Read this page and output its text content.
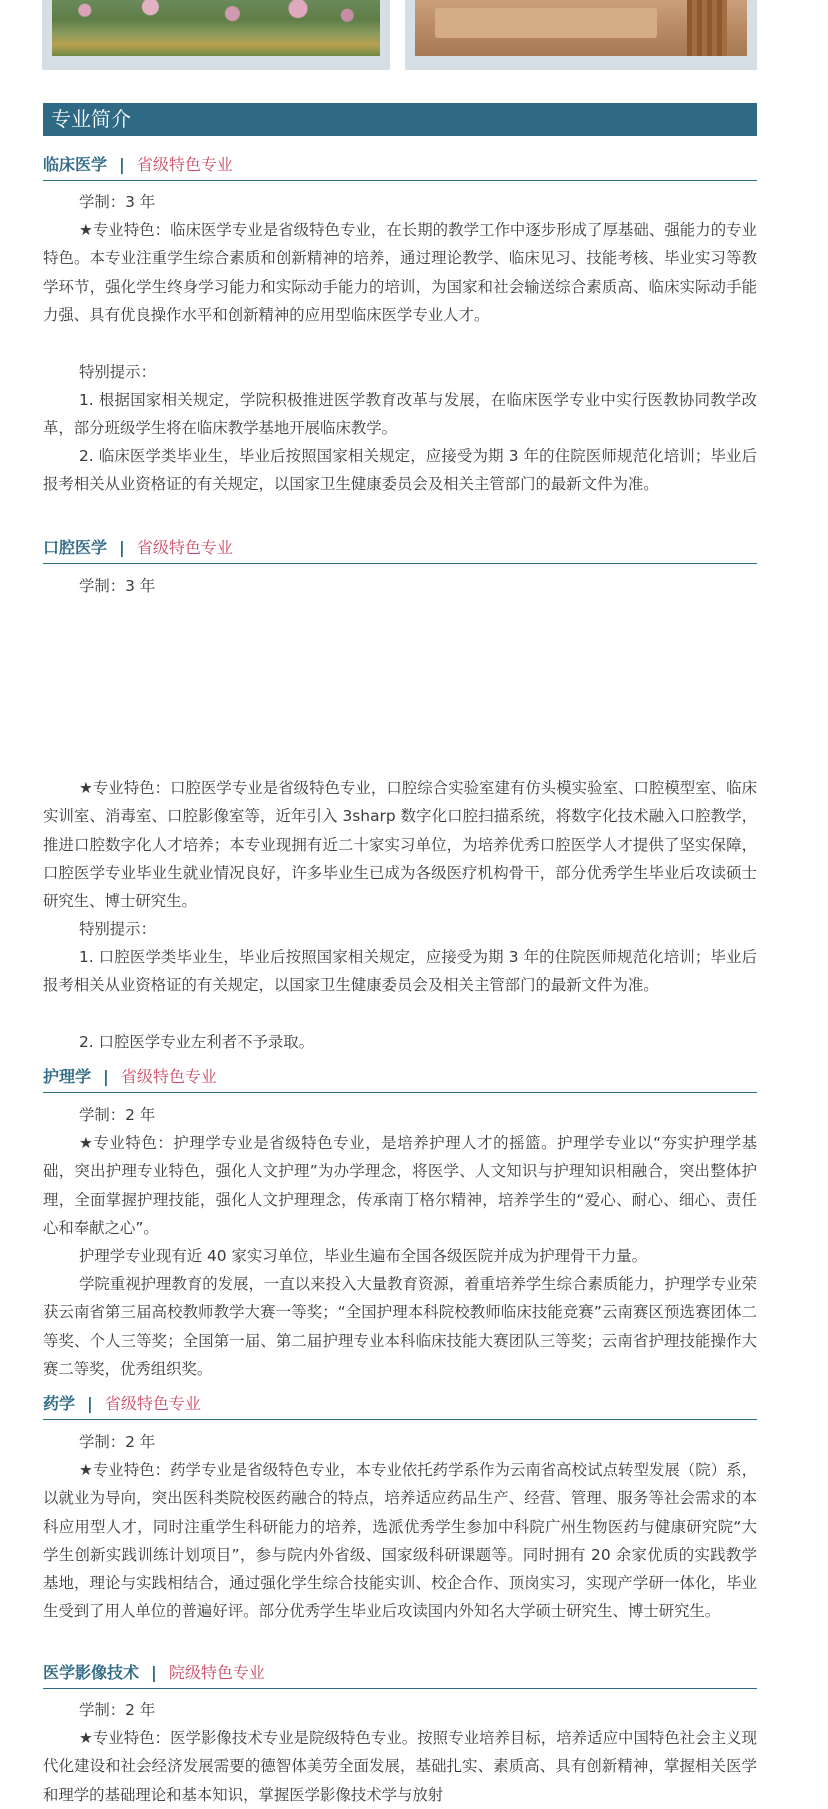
专业简介
临床医学 | 省级特色专业
学制：3 年
★专业特色：临床医学专业是省级特色专业，在长期的教学工作中逐步形成了厚基础、强能力的专业特色。本专业注重学生综合素质和创新精神的培养，通过理论教学、临床见习、技能考核、毕业实习等教学环节，强化学生终身学习能力和实际动手能力的培训，为国家和社会输送综合素质高、临床实际动手能力强、具有优良操作水平和创新精神的应用型临床医学专业人才。
特别提示：
1. 根据国家相关规定，学院积极推进医学教育改革与发展，在临床医学专业中实行医教协同教学改革，部分班级学生将在临床教学基地开展临床教学。
2. 临床医学类毕业生，毕业后按照国家相关规定，应接受为期 3 年的住院医师规范化培训；毕业后报考相关从业资格证的有关规定，以国家卫生健康委员会及相关主管部门的最新文件为准。
口腔医学 | 省级特色专业
学制：3 年
★专业特色：口腔医学专业是省级特色专业，口腔综合实验室建有仿头模实验室、口腔模型室、临床实训室、消毒室、口腔影像室等，近年引入 3sharp 数字化口腔扫描系统，将数字化技术融入口腔教学，推进口腔数字化人才培养；本专业现拥有近二十家实习单位，为培养优秀口腔医学人才提供了坚实保障，口腔医学专业毕业生就业情况良好，许多毕业生已成为各级医疗机构骨干，部分优秀学生毕业后攻读硕士研究生、博士研究生。
特别提示：
1. 口腔医学类毕业生，毕业后按照国家相关规定，应接受为期 3 年的住院医师规范化培训；毕业后报考相关从业资格证的有关规定，以国家卫生健康委员会及相关主管部门的最新文件为准。
2. 口腔医学专业左利者不予录取。
护理学 | 省级特色专业
学制：2 年
★专业特色：护理学专业是省级特色专业，是培养护理人才的摇篮。护理学专业以“夯实护理学基础，突出护理专业特色，强化人文护理”为办学理念，将医学、人文知识与护理知识相融合，突出整体护理，全面掌握护理技能，强化人文护理理念，传承南丁格尔精神，培养学生的“爱心、耐心、细心、责任心和奉献之心”。
护理学专业现有近 40 家实习单位，毕业生遍布全国各级医院并成为护理骨干力量。
学院重视护理教育的发展，一直以来投入大量教育资源，着重培养学生综合素质能力，护理学专业荣获云南省第三届高校教师教学大赛一等奖；“全国护理本科院校教师临床技能竞赛”云南赛区预选赛团体二等奖、个人三等奖；全国第一届、第二届护理专业本科临床技能大赛团队三等奖；云南省护理技能操作大赛二等奖，优秀组织奖。
药学 | 省级特色专业
学制：2 年
★专业特色：药学专业是省级特色专业，本专业依托药学系作为云南省高校试点转型发展（院）系，以就业为导向，突出医科类院校医药融合的特点，培养适应药品生产、经营、管理、服务等社会需求的本科应用型人才，同时注重学生科研能力的培养，选派优秀学生参加中科院广州生物医药与健康研究院“大学生创新实践训练计划项目”，参与院内外省级、国家级科研课题等。同时拥有 20 余家优质的实践教学基地，理论与实践相结合，通过强化学生综合技能实训、校企合作、顶岗实习，实现产学研一体化，毕业生受到了用人单位的普遍好评。部分优秀学生毕业后攻读国内外知名大学硕士研究生、博士研究生。
医学影像技术 | 院级特色专业
学制：2 年
★专业特色：医学影像技术专业是院级特色专业。按照专业培养目标，培养适应中国特色社会主义现代化建设和社会经济发展需要的德智体美劳全面发展，基础扎实、素质高、具有创新精神，掌握相关医学和理学的基础理论和基本知识，掌握医学影像技术学与放射
